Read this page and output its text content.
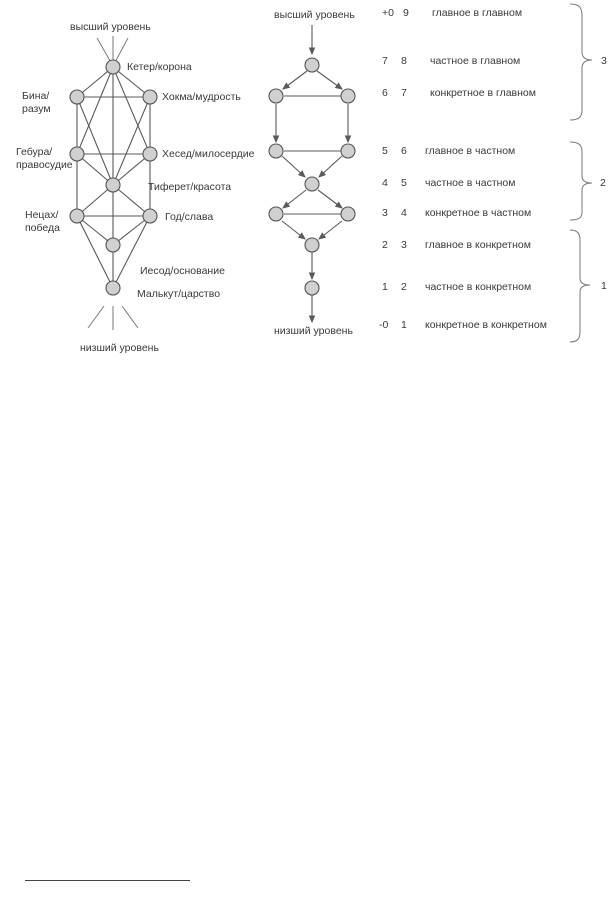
высший уровень
Кетер/корона
Хокма/мудрость
Бина/ разум
Хесед/милосердие
Гебура/ правосудие
Тиферет/красота
Год/слава
Нецах/ победа
Иесод/основание
Малькут/царство
низший уровень
высший уровень
низший уровень
+0 9 главное в главном
7 8 частное в главном
6 7 конкретное в главном
5 6 главное в частном
4 5 частное в частном
3 4 конкретное в частном
2 3 главное в конкретном
1 2 частное в конкретном
-0 1 конкретное в конкретном
3
2
1
